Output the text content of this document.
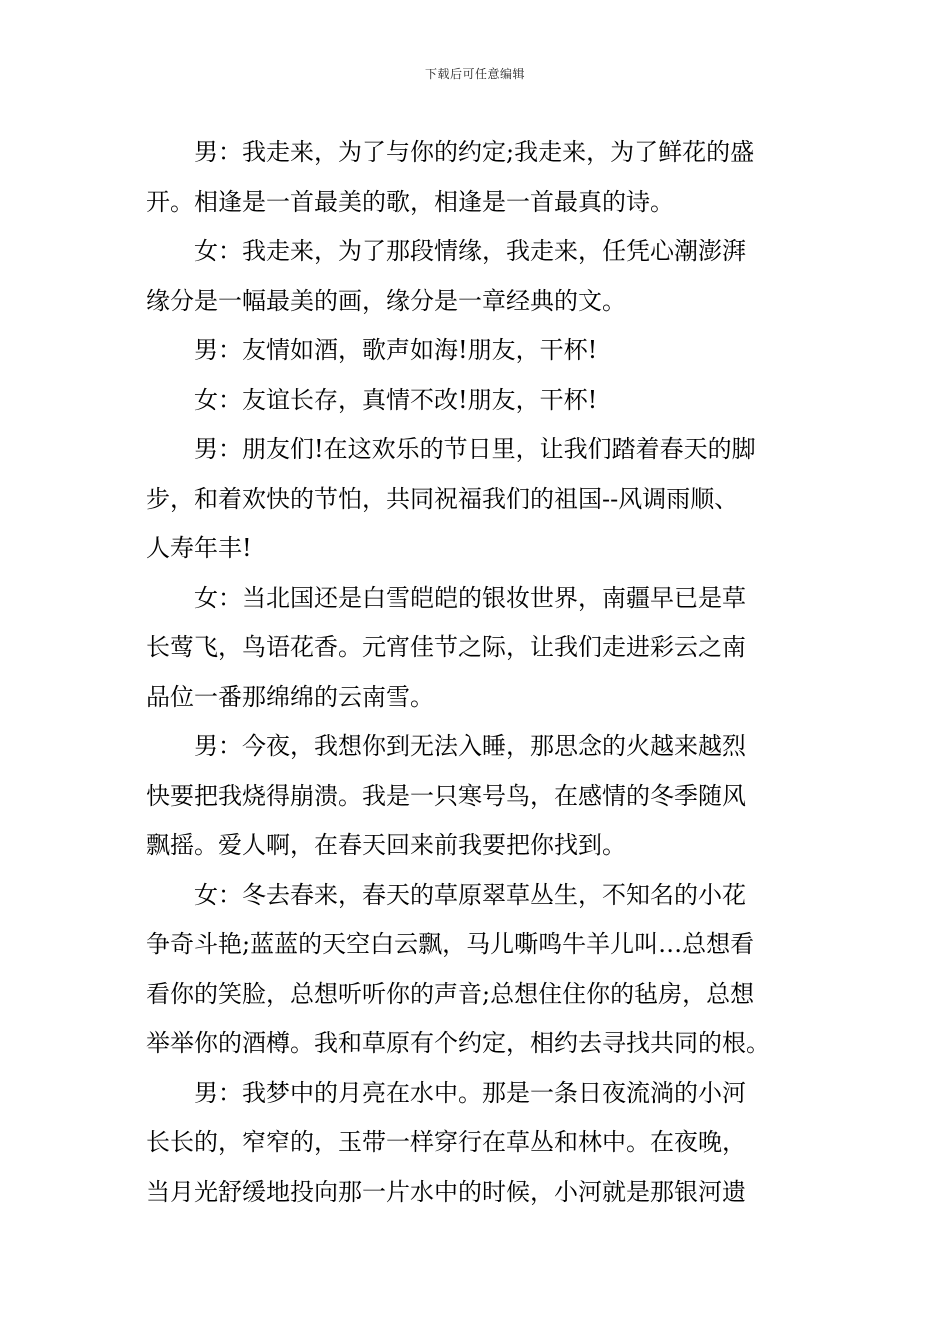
下载后可任意编辑

男：我走来，为了与你的约定;我走来，为了鲜花的盛
开。相逢是一首最美的歌，相逢是一首最真的诗。

女：我走来，为了那段情缘，我走来，任凭心潮澎湃
缘分是一幅最美的画，缘分是一章经典的文。

男：友情如酒，歌声如海!朋友，干杯!

女：友谊长存，真情不改!朋友，干杯!

男：朋友们!在这欢乐的节日里，让我们踏着春天的脚
步，和着欢快的节怕，共同祝福我们的祖国--风调雨顺、
人寿年丰!

女：当北国还是白雪皑皑的银妆世界，南疆早已是草
长莺飞，鸟语花香。元宵佳节之际，让我们走进彩云之南
品位一番那绵绵的云南雪。

男：今夜，我想你到无法入睡，那思念的火越来越烈
快要把我烧得崩溃。我是一只寒号鸟，在感情的冬季随风
飘摇。爱人啊，在春天回来前我要把你找到。

女：冬去春来，春天的草原翠草丛生，不知名的小花
争奇斗艳;蓝蓝的天空白云飘，马儿嘶鸣牛羊儿叫…总想看
看你的笑脸，总想听听你的声音;总想住住你的毡房，总想
举举你的酒樽。我和草原有个约定，相约去寻找共同的根。

男：我梦中的月亮在水中。那是一条日夜流淌的小河
长长的，窄窄的，玉带一样穿行在草丛和林中。在夜晚，
当月光舒缓地投向那一片水中的时候，小河就是那银河遗
